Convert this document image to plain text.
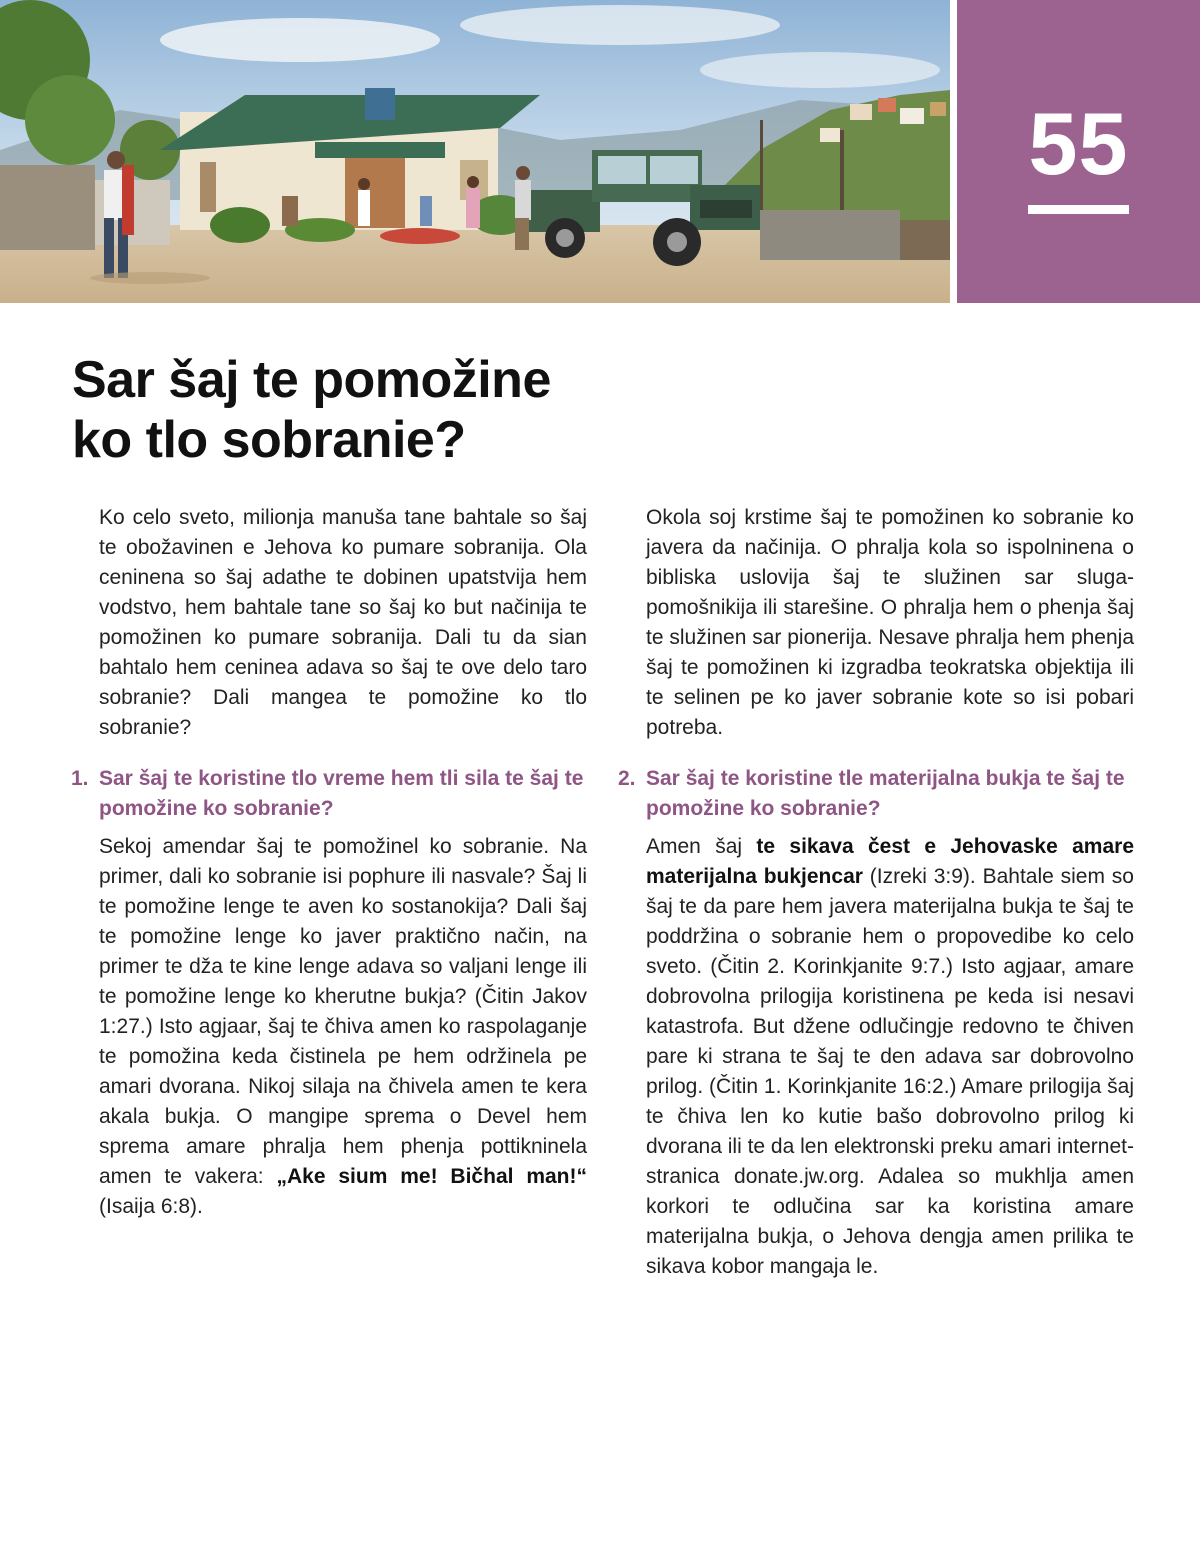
55
Sar šaj te pomožine
ko tlo sobranie?

Ko celo sveto, milionja manuša tane bahtale so šaj te obožavinen e Jehova ko pumare sobranija. Ola ceninena so šaj adathe te dobinen upatstvija hem vodstvo, hem bahtale tane so šaj ko but načinija te pomožinen ko pumare sobranija. Dali tu da sian bahtalo hem ceninea adava so šaj te ove delo taro sobranie? Dali mangea te pomožine ko tlo sobranie?

1. Sar šaj te koristine tlo vreme hem tli sila te šaj te pomožine ko sobranie?

Sekoj amendar šaj te pomožinel ko sobranie. Na primer, dali ko sobranie isi pophure ili nasvale? Šaj li te pomožine lenge te aven ko sostanokija? Dali šaj te pomožine lenge ko javer praktično način, na primer te dža te kine lenge adava so valjani lenge ili te pomožine lenge ko kherutne bukja? (Čitin Jakov 1:27.) Isto agjaar, šaj te čhiva amen ko raspolaganje te pomožina keda čistinela pe hem održinela pe amari dvorana. Nikoj silaja na čhivela amen te kera akala bukja. O mangipe sprema o Devel hem sprema amare phralja hem phenja pottikninela amen te vakera: „Ake sium me! Bičhal man!“ (Isaija 6:8).

Okola soj krstime šaj te pomožinen ko sobranie ko javera da načinija. O phralja kola so ispolninena o bibliska uslovija šaj te služinen sar sluga-pomošnikija ili starešine. O phralja hem o phenja šaj te služinen sar pionerija. Nesave phralja hem phenja šaj te pomožinen ki izgradba teokratska objektija ili te selinen pe ko javer sobranie kote so isi pobari potreba.

2. Sar šaj te koristine tle materijalna bukja te šaj te pomožine ko sobranie?

Amen šaj te sikava čest e Jehovaske amare materijalna bukjencar (Izreki 3:9). Bahtale siem so šaj te da pare hem javera materijalna bukja te šaj te poddržina o sobranie hem o propovedibe ko celo sveto. (Čitin 2. Korinkjanite 9:7.) Isto agjaar, amare dobrovolna prilogija koristinena pe keda isi nesavi katastrofa. But džene odlučingje redovno te čhiven pare ki strana te šaj te den adava sar dobrovolno prilog. (Čitin 1. Korinkjanite 16:2.) Amare prilogija šaj te čhiva len ko kutie bašo dobrovolno prilog ki dvorana ili te da len elektronski preku amari internet-stranica donate.jw.org. Adalea so mukhlja amen korkori te odlučina sar ka koristina amare materijalna bukja, o Jehova dengja amen prilika te sikava kobor mangaja le.
